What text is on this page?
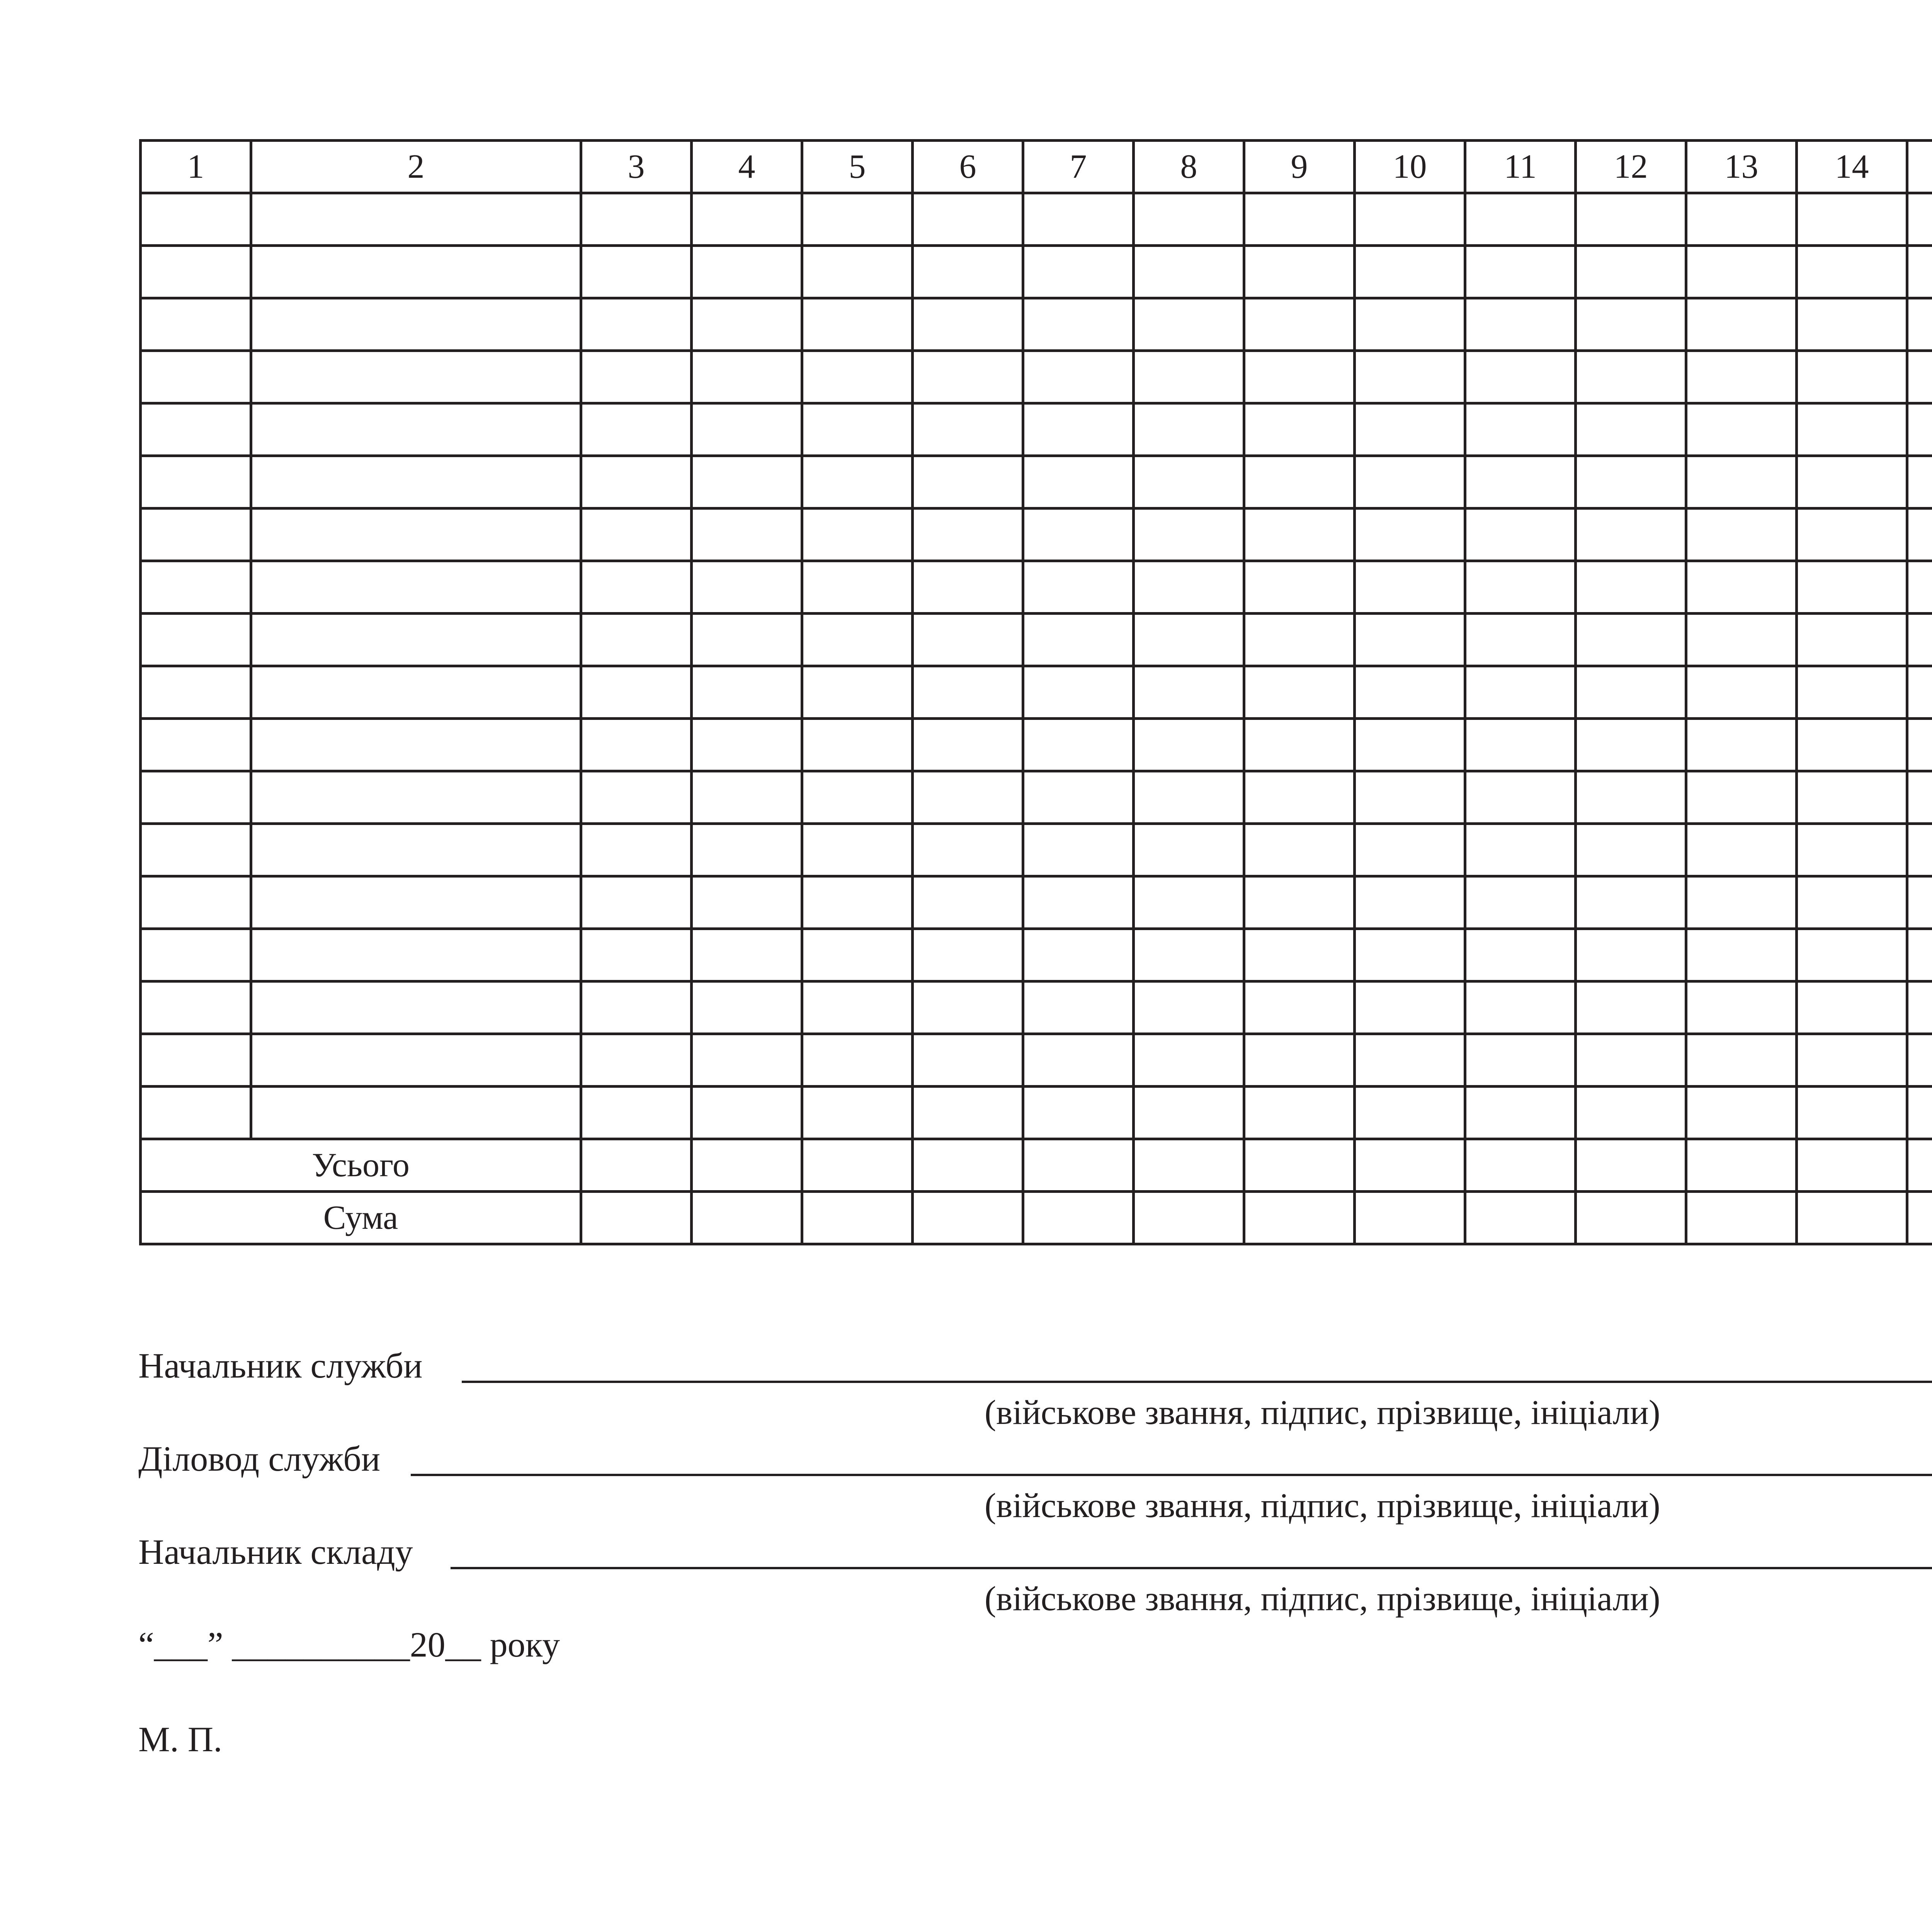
1	2	3	4	5	6	7	8	9	10	11	12	13	14					

Усього																		
Сума																		
Начальник служби
(військове звання, підпис, прізвище, ініціали)
Діловод служби
(військове звання, підпис, прізвище, ініціали)
Начальник складу
(військове звання, підпис, прізвище, ініціали)
“___” __________20__ року
М. П.
